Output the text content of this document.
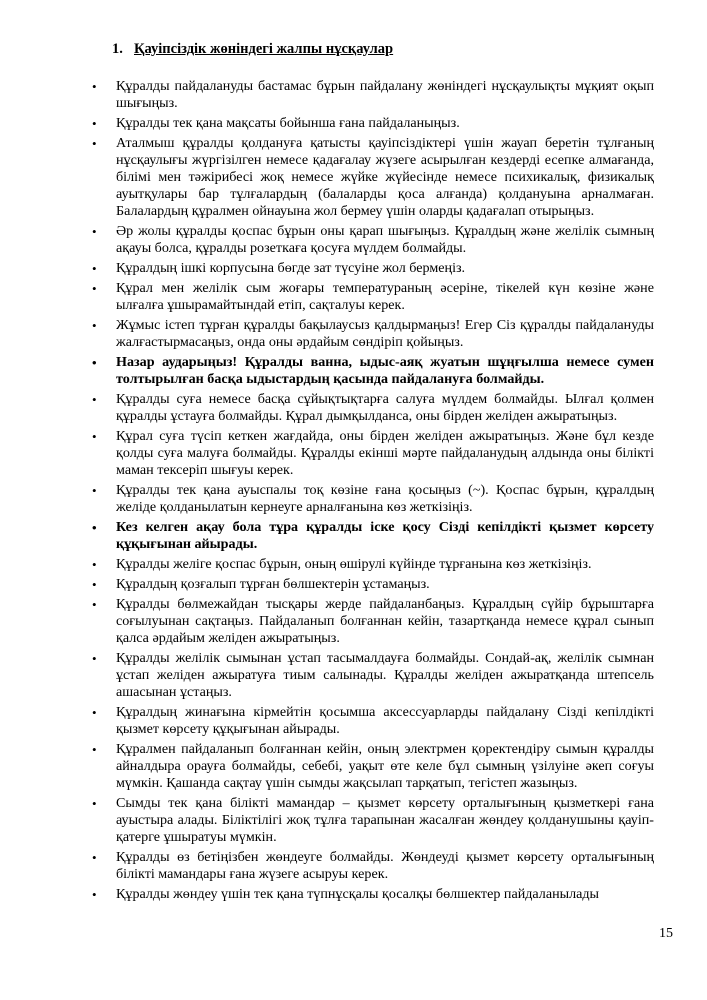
1. Қауіпсіздік жөніндегі жалпы нұсқаулар
• Құралды пайдалануды бастамас бұрын пайдалану жөніндегі нұсқаулықты мұқият оқып шығыңыз.
• Құралды тек қана мақсаты бойынша ғана пайдаланыңыз.
• Аталмыш құралды қолдануға қатысты қауіпсіздіктері үшін жауап беретін тұлғаның нұсқаулығы жүргізілген немесе қадағалау жүзеге асырылған кездерді есепке алмағанда, білімі мен тәжірибесі жоқ немесе жүйке жүйесінде немесе психикалық, физикалық ауытқулары бар тұлғалардың (балаларды қоса алғанда) қолдануына арналмаған. Балалардың құралмен ойнауына жол бермеу үшін оларды қадағалап отырыңыз.
• Әр жолы құралды қоспас бұрын оны қарап шығыңыз. Құралдың және желілік сымның ақауы болса, құралды розеткаға қосуға мүлдем болмайды.
• Құралдың ішкі корпусына бөгде зат түсуіне жол бермеңіз.
• Құрал мен желілік сым жоғары температураның әсеріне, тікелей күн көзіне және ылғалға ұшырамайтындай етіп, сақталуы керек.
• Жұмыс істеп тұрған құралды бақылаусыз қалдырмаңыз! Егер Сіз құралды пайдалануды жалғастырмасаңыз, онда оны әрдайым сөндіріп қойыңыз.
• Назар аударыңыз! Құралды ванна, ыдыс-аяқ жуатын шұңғылша немесе сумен толтырылған басқа ыдыстардың қасында пайдалануға болмайды.
• Құралды суға немесе басқа сұйықтықтарға салуға мүлдем болмайды. Ылғал қолмен құралды ұстауға болмайды. Құрал дымқылданса, оны бірден желіден ажыратыңыз.
• Құрал суға түсіп кеткен жағдайда, оны бірден желіден ажыратыңыз. Және бұл кезде қолды суға малуға болмайды. Құралды екінші мәрте пайдаланудың алдында оны білікті маман тексеріп шығуы керек.
• Құралды тек қана ауыспалы тоқ көзіне ғана қосыңыз (~). Қоспас бұрын, құралдың желіде қолданылатын кернеуге арналғанына көз жеткізіңіз.
• Кез келген ақау бола тұра құралды іске қосу Сізді кепілдікті қызмет көрсету құқығынан айырады.
• Құралды желіге қоспас бұрын, оның өшірулі күйінде тұрғанына көз жеткізіңіз.
• Құралдың қозғалып тұрған бөлшектерін ұстамаңыз.
• Құралды бөлмежайдан тысқары жерде пайдаланбаңыз. Құралдың сүйір бұрыштарға соғылуынан сақтаңыз. Пайдаланып болғаннан кейін, тазартқанда немесе құрал сынып қалса әрдайым желіден ажыратыңыз.
• Құралды желілік сымынан ұстап тасымалдауға болмайды. Сондай-ақ, желілік сымнан ұстап желіден ажыратуға тиым салынады. Құралды желіден ажыратқанда штепсель ашасынан ұстаңыз.
• Құралдың жинағына кірмейтін қосымша аксессуарларды пайдалану Сізді кепілдікті қызмет көрсету құқығынан айырады.
• Құралмен пайдаланып болғаннан кейін, оның электрмен қоректендіру сымын құралды айналдыра орауға болмайды, себебі, уақыт өте келе бұл сымның үзілуіне әкеп соғуы мүмкін. Қашанда сақтау үшін сымды жақсылап тарқатып, тегістеп жазыңыз.
• Сымды тек қана білікті мамандар – қызмет көрсету орталығының қызметкері ғана ауыстыра алады. Біліктілігі жоқ тұлға тарапынан жасалған жөндеу қолданушыны қауіп-қатерге ұшыратуы мүмкін.
• Құралды өз бетіңізбен жөндеуге болмайды. Жөндеуді қызмет көрсету орталығының білікті мамандары ғана жүзеге асыруы керек.
• Құралды жөндеу үшін тек қана түпнұсқалы қосалқы бөлшектер пайдаланылады
15
